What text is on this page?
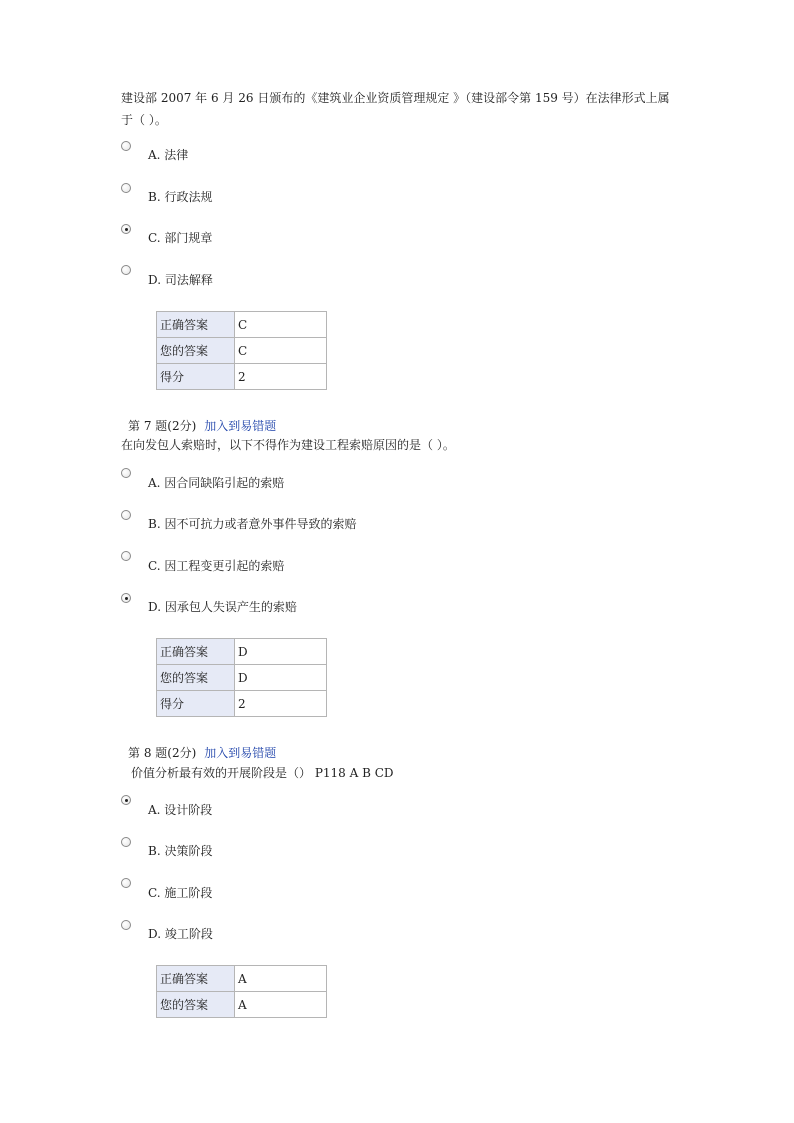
建设部 2007 年 6 月 26 日颁布的《建筑业企业资质管理规定 》（建设部令第 159 号）在法律形式上属于（ ）。
A. 法律
B. 行政法规
C. 部门规章
D. 司法解释
正确答案	C
您的答案	C
得分	2
第 7 题(2分) 加入到易错题
在向发包人索赔时，以下不得作为建设工程索赔原因的是（ ）。
A. 因合同缺陷引起的索赔
B. 因不可抗力或者意外事件导致的索赔
C. 因工程变更引起的索赔
D. 因承包人失误产生的索赔
正确答案	D
您的答案	D
得分	2
第 8 题(2分) 加入到易错题
价值分析最有效的开展阶段是（） P118 A B CD
A. 设计阶段
B. 决策阶段
C. 施工阶段
D. 竣工阶段
正确答案	A
您的答案	A
